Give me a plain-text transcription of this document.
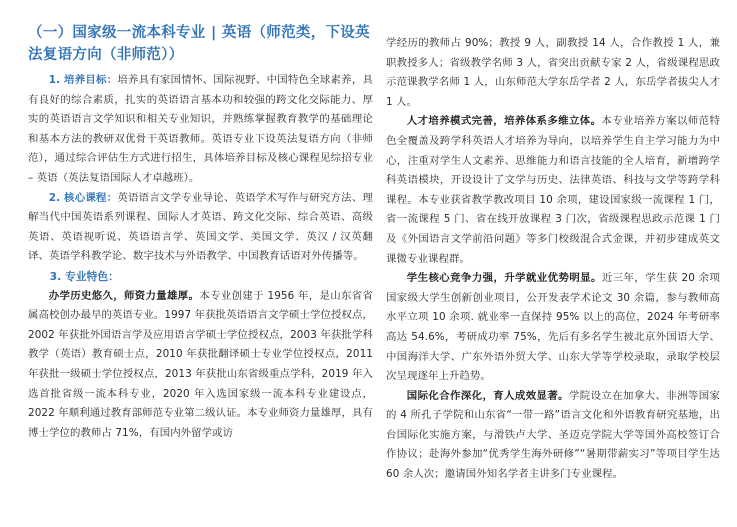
（一）国家级一流本科专业 | 英语（师范类，下设英法复语方向（非师范））

1. 培养目标：培养具有家国情怀、国际视野、中国特色全球素养，具有良好的综合素质，扎实的英语语言基本功和较强的跨文化交际能力、厚实的英语语言文学知识和相关专业知识，并熟练掌握教育教学的基础理论和基本方法的教研双优骨干英语教师。英语专业下设英法复语方向（非师范），通过综合评估生方式进行招生，具体培养目标及核心课程见综招专业 – 英语（英法复语国际人才卓越班）。

2. 核心课程：英语语言文学专业导论、英语学术写作与研究方法、理解当代中国英语系列课程、国际人才英语、跨文化交际、综合英语、高级英语、英语视听说、英语语言学、英国文学、美国文学、英汉 / 汉英翻译、英语学科教学论、数字技术与外语教学、中国教育话语对外传播等。

3. 专业特色：

办学历史悠久，师资力量雄厚。本专业创建于 1956 年，是山东省省属高校创办最早的英语专业。1997 年获批英语语言文学硕士学位授权点，2002 年获批外国语言学及应用语言学硕士学位授权点，2003 年获批学科教学（英语）教育硕士点，2010 年获批翻译硕士专业学位授权点，2011 年获批一级硕士学位授权点，2013 年获批山东省级重点学科，2019 年入选首批省级一流本科专业，2020 年入选国家级一流本科专业建设点，2022 年顺利通过教育部师范专业第二级认证。本专业师资力量雄厚，具有博士学位的教师占 71%，有国内外留学或访

学经历的教师占 90%；教授 9 人，副教授 14 人，合作教授 1 人，兼职教授多人；省级教学名师 3 人，省突出贡献专家 2 人，省级课程思政示范课教学名师 1 人，山东师范大学东岳学者 2 人，东岳学者拔尖人才 1 人。

人才培养模式完善，培养体系多维立体。本专业培养方案以师范特色全覆盖及跨学科英语人才培养为导向，以培养学生自主学习能力为中心，注重对学生人文素养、思维能力和语言技能的全人培育，新增跨学科英语模块，开设设计了文学与历史、法律英语、科技与文学等跨学科课程。本专业获省教学教改项目 10 余项，建设国家级一流课程 1 门，省一流课程 5 门、省在线开放课程 3 门次，省级课程思政示范课 1 门及《外国语言文学前沿问题》等多门校级混合式金课，并初步建成英文课微专业课程群。

学生核心竞争力强，升学就业优势明显。近三年，学生获 20 余项国家级大学生创新创业项目，公开发表学术论文 30 余篇，参与教师高水平立项 10 余项. 就业率一直保持 95% 以上的高位，2024 年考研率高达 54.6%，考研成功率 75%，先后有多名学生被北京外国语大学、中国海洋大学、广东外语外贸大学、山东大学等学校录取，录取学校层次呈现逐年上升趋势。

国际化合作深化，育人成效显著。学院设立在加拿大、非洲等国家的 4 所孔子学院和山东省“一带一路”语言文化和外语教育研究基地，出台国际化实施方案，与滑铁卢大学、圣迈克学院大学等国外高校签订合作协议；赴海外参加“优秀学生海外研修”“暑期带薪实习”等项目学生达 60 余人次；邀请国外知名学者主讲多门专业课程。
